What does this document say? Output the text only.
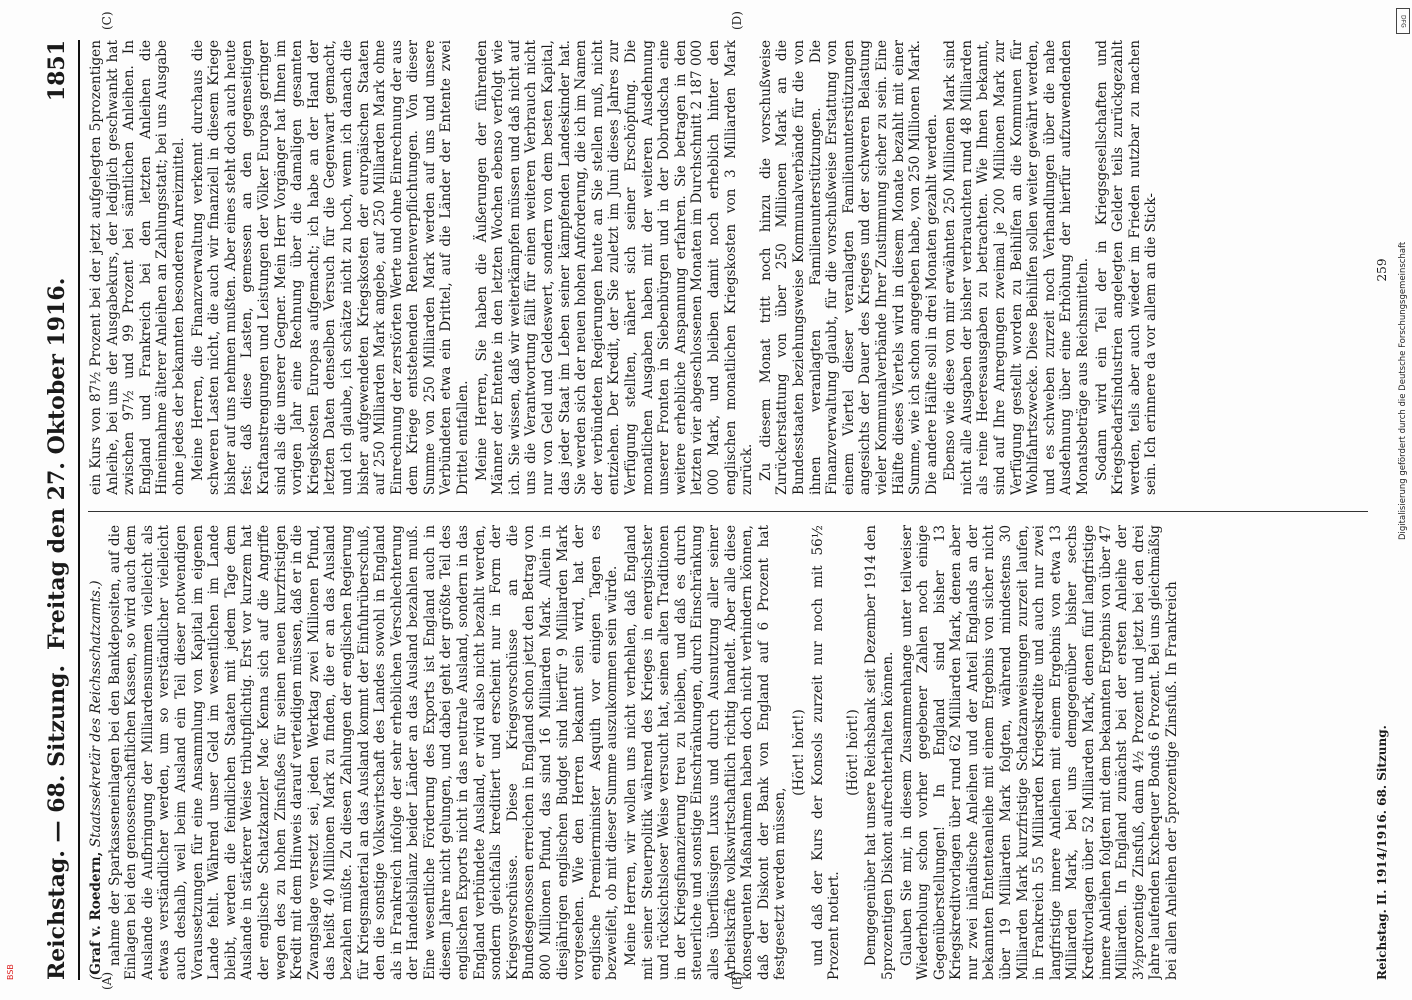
Reichstag. — 68. Sitzung.
Freitag den 27. Oktober 1916.
1851
(A)	(B)
(C)	(D)

(Graf v. Roedern, Staatssekretär des Reichsschatzamts.) nahme der Sparkasseneinlagen bei den Bankdepositen, auf die Einlagen bei den genossenschaftlichen Kassen, so wird auch dem Auslande die Aufbringung der Milliardensummen vielleicht als etwas verständlicher werden, um so verständlicher vielleicht auch deshalb, weil beim Ausland ein Teil dieser notwendigen Voraussetzungen für eine Ansammlung von Kapital im eigenen Lande fehlt. Während unser Geld im wesentlichen im Lande bleibt, werden die feindlichen Staaten mit jedem Tage dem Auslande in stärkerer Weise tributpflichtig. Erst vor kurzem hat der englische Schatzkanzler Mac Kenna sich auf die Angriffe wegen des zu hohen Zinsfußes für seinen neuen kurzfristigen Kredit mit dem Hinweis darauf verteidigen müssen, daß er in die Zwangslage versetzt sei, jeden Werktag zwei Millionen Pfund, das heißt 40 Millionen Mark zu finden, die er an das Ausland bezahlen müßte. Zu diesen Zahlungen der englischen Regierung für Kriegsmaterial an das Ausland kommt der Einfuhrüberschuß, den die sonstige Volkswirtschaft des Landes sowohl in England als in Frankreich infolge der sehr erheblichen Verschlechterung der Handelsbilanz beider Länder an das Ausland bezahlen muß. Eine wesentliche Förderung des Exports ist England auch in diesem Jahre nicht gelungen, und dabei geht der größte Teil des englischen Exports nicht in das neutrale Ausland, sondern in das England verbündete Ausland, er wird also nicht bezahlt werden, sondern gleichfalls kreditiert und erscheint nur in Form der Kriegsvorschüsse. Diese Kriegsvorschüsse an die Bundesgenossen erreichen in England schon jetzt den Betrag von 800 Millionen Pfund, das sind 16 Milliarden Mark. Allein in diesjährigen englischen Budget sind hierfür 9 Milliarden Mark vorgesehen. Wie den Herren bekannt sein wird, hat der englische Premierminister Asquith vor einigen Tagen es bezweifelt, ob mit dieser Summe auszukommen sein würde. Meine Herren, wir wollen uns nicht verhehlen, daß England mit seiner Steuerpolitik während des Krieges in energischster und rücksichtsloser Weise versucht hat, seinen alten Traditionen in der Kriegsfinanzierung treu zu bleiben, und daß es durch steuerliche und sonstige Einschränkungen, durch Einschränkung alles überflüssigen Luxus und durch Ausnutzung aller seiner Arbeitskräfte volkswirtschaftlich richtig handelt. Aber alle diese konsequenten Maßnahmen haben doch nicht verhindern können, daß der Diskont der Bank von England auf 6 Prozent hat festgesetzt werden müssen,

(Hört! hört!) und daß der Kurs der Konsols zurzeit nur noch mit 56½ Prozent notiert.

(Hört! hört!) Demgegenüber hat unsere Reichsbank seit Dezember 1914 den 5prozentigen Diskont aufrechterhalten können. Glauben Sie mir, in diesem Zusammenhange unter teilweiser Wiederholung schon vorher gegebener Zahlen noch einige Gegenüberstellungen! In England sind bisher 13 Kriegskreditvorlagen über rund 62 Milliarden Mark, denen aber nur zwei inländische Anleihen und der Anteil Englands an der bekannten Ententeanleihe mit einem Ergebnis von sicher nicht über 19 Milliarden Mark folgten, während mindestens 30 Milliarden Mark kurzfristige Schatzanweisungen zurzeit laufen, in Frankreich 55 Milliarden Kriegskredite und auch nur zwei langfristige innere Anleihen mit einem Ergebnis von etwa 13 Milliarden Mark, bei uns demgegenüber bisher sechs Kreditvorlagen über 52 Milliarden Mark, denen fünf langfristige innere Anleihen folgten mit dem bekannten Ergebnis von über 47 Milliarden. In England zunächst bei der ersten Anleihe der 3½prozentige Zinsfuß, dann 4½ Prozent und jetzt bei den drei Jahre laufenden Exchequer Bonds 6 Prozent. Bei uns gleichmäßig bei allen Anleihen der 5prozentige Zinsfuß. In Frankreich

ein Kurs von 87½ Prozent bei der jetzt aufgelegten 5prozentigen Anleihe, bei uns der Ausgabekurs, der lediglich geschwankt hat zwischen 97½ und 99 Prozent bei sämtlichen Anleihen. In England und Frankreich bei den letzten Anleihen die Hineinnahme älterer Anleihen an Zahlungsstatt; bei uns Ausgabe ohne jedes der bekannten besonderen Anreizmittel. Meine Herren, die Finanzverwaltung verkennt durchaus die schweren Lasten nicht, die auch wir finanziell in diesem Kriege bisher auf uns nehmen mußten. Aber eines steht doch auch heute fest: daß diese Lasten, gemessen an den gegenseitigen Kraftanstrengungen und Leistungen der Völker Europas geringer sind als die unserer Gegner. Mein Herr Vorgänger hat Ihnen im vorigen Jahr eine Rechnung über die damaligen gesamten Kriegskosten Europas aufgemacht; ich habe an der Hand der letzten Daten denselben Versuch für die Gegenwart gemacht, und ich glaube, ich schätze nicht zu hoch, wenn ich danach die bisher aufgewendeten Kriegskosten der europäischen Staaten auf 250 Milliarden Mark angebe, auf 250 Milliarden Mark ohne Einrechnung der zerstörten Werte und ohne Einrechnung der aus dem Kriege entstehenden Rentenverpflichtungen. Von dieser Summe von 250 Milliarden Mark werden auf uns und unsere Verbündeten etwa ein Drittel, auf die Länder der Entente zwei Drittel entfallen. Meine Herren, Sie haben die Äußerungen der führenden Männer der Entente in den letzten Wochen ebenso verfolgt wie ich. Sie wissen, daß wir weiterkämpfen müssen und daß nicht auf uns die Verantwortung fällt für einen weiteren Verbrauch nicht nur von Geld und Geldeswert, sondern von dem besten Kapital, das jeder Staat im Leben seiner kämpfenden Landeskinder hat. Sie werden sich der neuen hohen Anforderung, die ich im Namen der verbündeten Regierungen heute an Sie stellen muß, nicht entziehen. Der Kredit, der Sie zuletzt im Juni dieses Jahres zur Verfügung stellten, nähert sich seiner Erschöpfung. Die monatlichen Ausgaben haben mit der weiteren Ausdehnung unserer Fronten in Siebenbürgen und in der Dobrudscha eine weitere erhebliche Anspannung erfahren. Sie betragen in den letzten vier abgeschlossenen Monaten im Durchschnitt 2 187 000 000 Mark, und bleiben damit noch erheblich hinter den englischen monatlichen Kriegskosten von 3 Milliarden Mark zurück. Zu diesem Monat tritt noch hinzu die vorschußweise Zurückerstattung von über 250 Millionen Mark an die Bundesstaaten beziehungsweise Kommunalverbände für die von ihnen veranlagten Familienunterstützungen. Die Finanzverwaltung glaubt, für die vorschußweise Erstattung von einem Viertel dieser veranlagten Familienunterstützungen angesichts der Dauer des Krieges und der schweren Belastung vieler Kommunalverbände Ihrer Zustimmung sicher zu sein. Eine Hälfte dieses Viertels wird in diesem Monate bezahlt mit einer Summe, wie ich schon angegeben habe, von 250 Millionen Mark. Die andere Hälfte soll in drei Monaten gezahlt werden. Ebenso wie diese von mir erwähnten 250 Millionen Mark sind nicht alle Ausgaben der bisher verbrauchten rund 48 Milliarden als reine Heeresausgaben zu betrachten. Wie Ihnen bekannt, sind auf Ihre Anregungen zweimal je 200 Millionen Mark zur Verfügung gestellt worden zu Beihilfen an die Kommunen für Wohlfahrtszwecke. Diese Beihilfen sollen weiter gewährt werden, und es schweben zurzeit noch Verhandlungen über die nahe Ausdehnung über eine Erhöhung der hierfür aufzuwendenden Monatsbeträge aus Reichsmitteln. Sodann wird ein Teil der in Kriegsgesellschaften und Kriegsbedarfsindustrien angelegten Gelder teils zurückgezahlt werden, teils aber auch wieder im Frieden nutzbar zu machen sein. Ich erinnere da vor allem an die Stick-

Reichstag. II. 1914/1916. 68. Sitzung.
259
BSB
Digitalisierung gefördert durch die Deutsche Forschungsgemeinschaft
DFG
